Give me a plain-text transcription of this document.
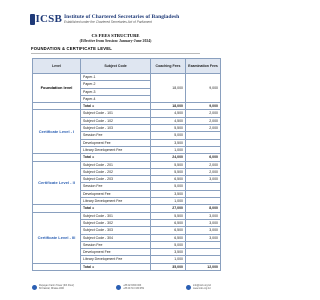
ICSB Institute of Chartered Secretaries of Bangladesh
Established under the Chartered Secretaries Act of Parliament
CS FEES STRUCTURE
(Effective from Session: January-June 2024)
FOUNDATION & CERTIFICATE LEVEL
Level	Subject Code	Coaching Fees	Examination Fees
Foundation level	Paper-1	18,000	9,000
	Paper-2		
	Paper-3		
	Paper-4		
	Total =	18,000	9,000
Certificate Level - I	Subject Code - 101	4,500	2,000
	Subject Code - 102	4,500	2,000
	Subject Code - 103	5,500	2,000
	Session Fee	5,000	
	Development Fee	3,500	
	Library Development Fee	1,000	
	Total =	24,000	6,000
Certificate Level - II	Subject Code - 201	5,500	2,000
	Subject Code - 202	5,500	2,000
	Subject Code - 203	6,500	3,000
	Session Fee	5,000	
	Development Fee	3,500	
	Library Development Fee	1,000	
	Total =	27,000	8,000
Certificate Level - III	Subject Code - 301	5,500	3,000
	Subject Code - 302	6,500	3,000
	Subject Code - 303	6,500	3,000
	Subject Code - 304	6,500	3,000
	Session Fee	5,000	
	Development Fee	3,500	
	Library Development Fee	1,000	
	Total =	35,000	12,000
Rupayan Karim Tower (9th Floor)
80 Kakrail, Dhaka-1000
+88 02 8300 003
+88 01713 339 059
info@icsb.org.bd
www.icsb.org.bd
